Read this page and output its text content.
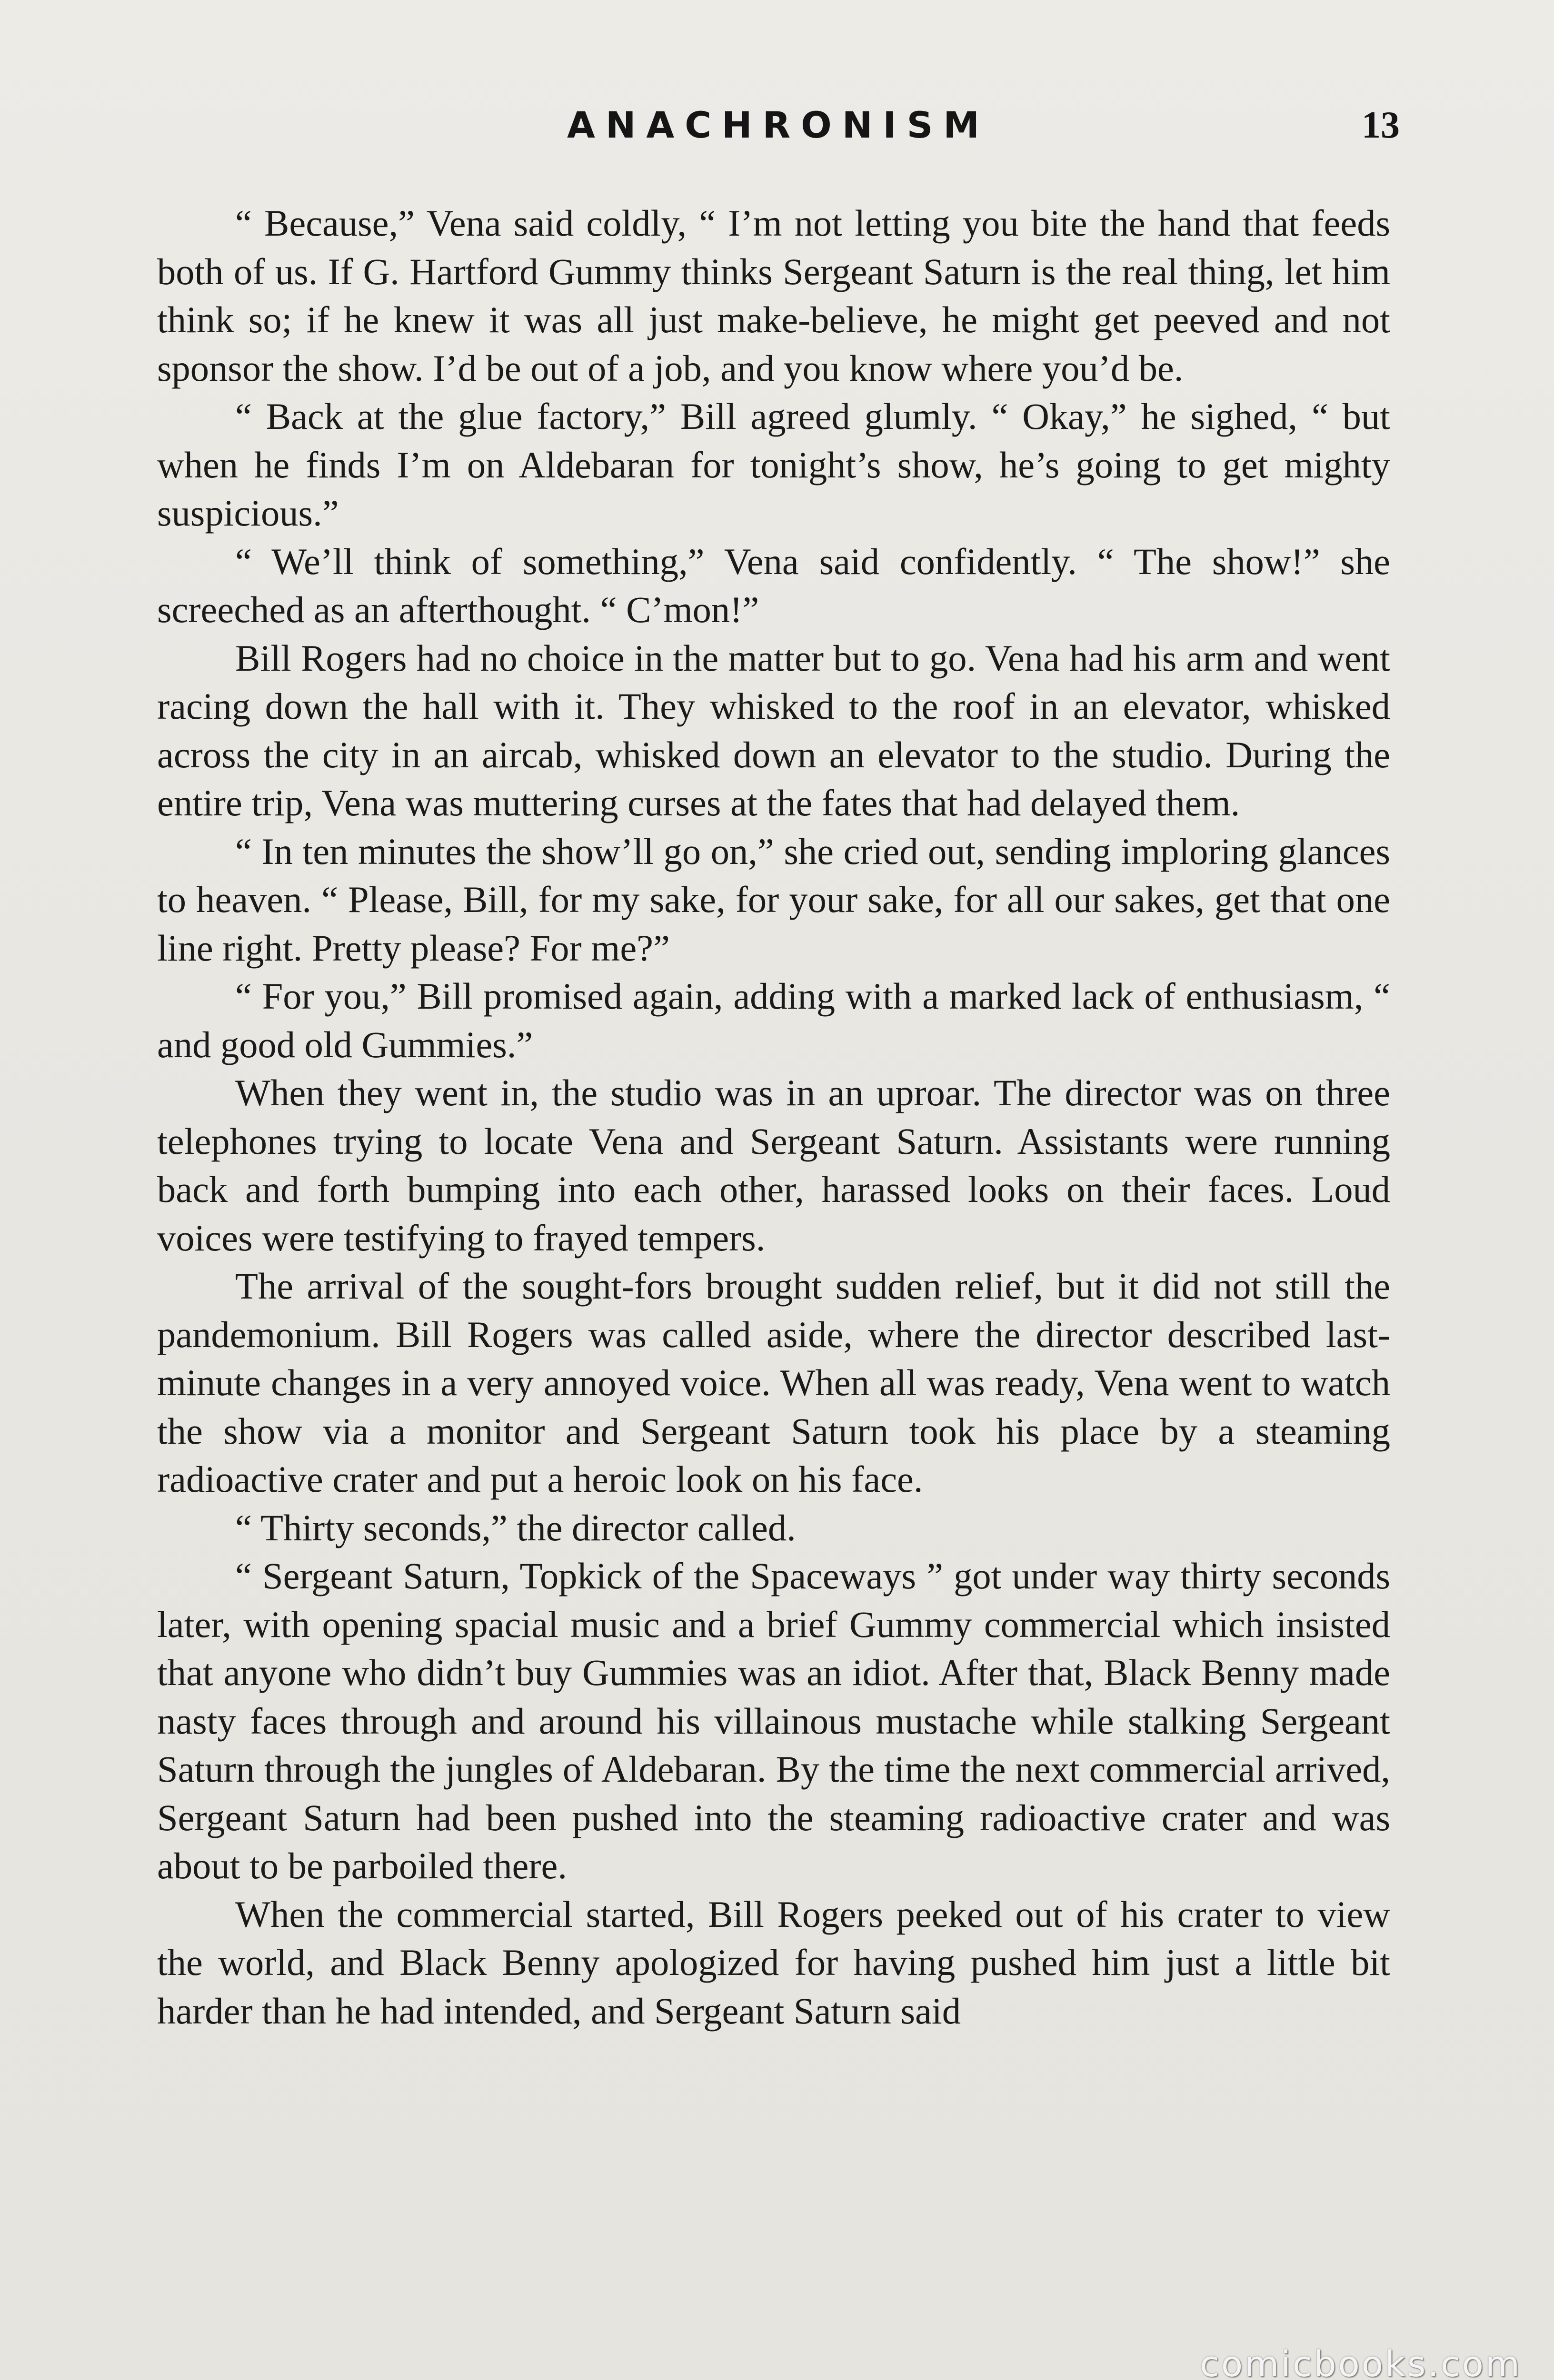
ANACHRONISM	13

“ Because,” Vena said coldly, “ I’m not letting you bite the hand that feeds both of us. If G. Hartford Gummy thinks Sergeant Saturn is the real thing, let him think so; if he knew it was all just make-believe, he might get peeved and not sponsor the show. I’d be out of a job, and you know where you’d be.

“ Back at the glue factory,” Bill agreed glumly. “ Okay,” he sighed, “ but when he finds I’m on Aldebaran for tonight’s show, he’s going to get mighty suspicious.”

“ We’ll think of something,” Vena said confidently. “ The show!” she screeched as an afterthought. “ C’mon!”

Bill Rogers had no choice in the matter but to go. Vena had his arm and went racing down the hall with it. They whisked to the roof in an elevator, whisked across the city in an aircab, whisked down an elevator to the studio. During the entire trip, Vena was muttering curses at the fates that had delayed them.

“ In ten minutes the show’ll go on,” she cried out, sending imploring glances to heaven. “ Please, Bill, for my sake, for your sake, for all our sakes, get that one line right. Pretty please? For me?”

“ For you,” Bill promised again, adding with a marked lack of enthusiasm, “ and good old Gummies.”

When they went in, the studio was in an uproar. The director was on three telephones trying to locate Vena and Sergeant Saturn. Assistants were running back and forth bumping into each other, harassed looks on their faces. Loud voices were testifying to frayed tempers.

The arrival of the sought-fors brought sudden relief, but it did not still the pandemonium. Bill Rogers was called aside, where the director described last-minute changes in a very annoyed voice. When all was ready, Vena went to watch the show via a monitor and Sergeant Saturn took his place by a steaming radioactive crater and put a heroic look on his face.

“ Thirty seconds,” the director called.

“ Sergeant Saturn, Topkick of the Spaceways ” got under way thirty seconds later, with opening spacial music and a brief Gummy commercial which insisted that anyone who didn’t buy Gummies was an idiot. After that, Black Benny made nasty faces through and around his villainous mustache while stalking Sergeant Saturn through the jungles of Aldebaran. By the time the next commercial arrived, Sergeant Saturn had been pushed into the steaming radioactive crater and was about to be parboiled there.

When the commercial started, Bill Rogers peeked out of his crater to view the world, and Black Benny apologized for having pushed him just a little bit harder than he had intended, and Sergeant Saturn said

comicbooks.com
